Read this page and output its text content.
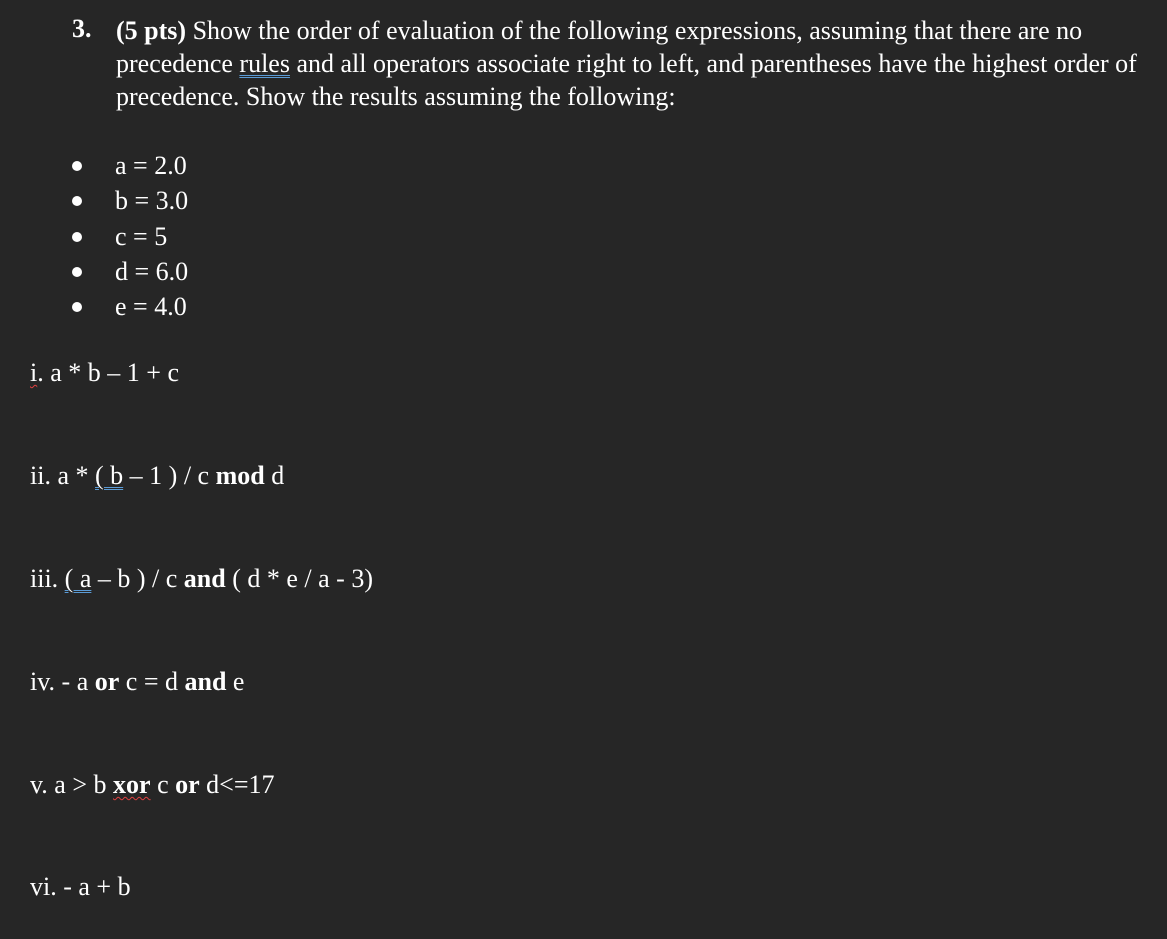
3. (5 pts) Show the order of evaluation of the following expressions, assuming that there are no precedence rules and all operators associate right to left, and parentheses have the highest order of precedence. Show the results assuming the following:
a = 2.0
b = 3.0
c = 5
d = 6.0
e = 4.0
i. a * b – 1 + c
ii. a * ( b – 1 ) / c mod d
iii. ( a – b ) / c and ( d * e / a - 3)
iv. - a or c = d and e
v. a > b xor c or d<=17
vi. - a + b
